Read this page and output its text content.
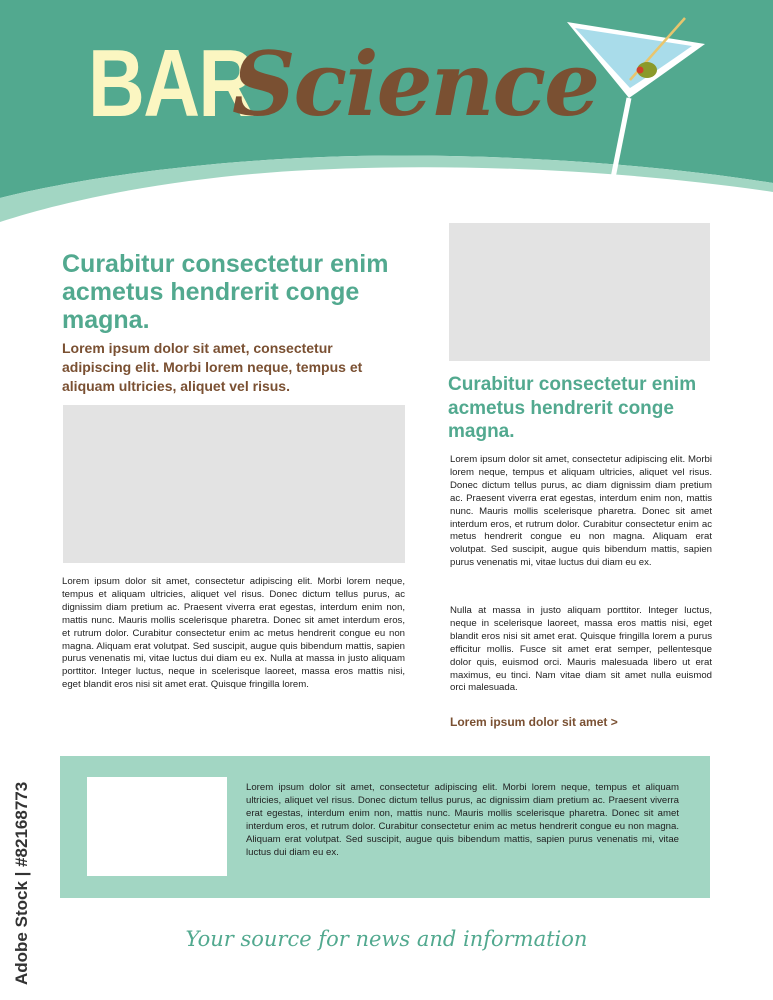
BAR
Science
Curabitur consectetur enim acmetus hendrerit conge magna.
Lorem ipsum dolor sit amet, consectetur adipiscing elit. Morbi lorem neque, tempus et aliquam ultricies, aliquet vel risus.

Lorem ipsum dolor sit amet, consectetur adipiscing elit. Morbi lorem neque, tempus et aliquam ultricies, aliquet vel risus. Donec dictum tellus purus, ac dignissim diam pretium ac. Praesent viverra erat egestas, interdum enim non, mattis nunc. Mauris mollis scelerisque pharetra. Donec sit amet interdum eros, et rutrum dolor. Curabitur consectetur enim ac metus hendrerit congue eu non magna. Aliquam erat volutpat. Sed suscipit, augue quis bibendum mattis, sapien purus venenatis mi, vitae luctus dui diam eu ex. Nulla at massa in justo aliquam porttitor. Integer luctus, neque in scelerisque laoreet, massa eros mattis nisi, eget blandit eros nisi sit amet erat. Quisque fringilla lorem.

Curabitur consectetur enim acmetus hendrerit conge magna.

Lorem ipsum dolor sit amet, consectetur adipiscing elit. Morbi lorem neque, tempus et aliquam ultricies, aliquet vel risus. Donec dictum tellus purus, ac diam dignissim diam pretium ac. Praesent viverra erat egestas, interdum enim non, mattis nunc. Mauris mollis scelerisque pharetra. Donec sit amet interdum eros, et rutrum dolor. Curabitur consectetur enim ac metus hendrerit congue eu non magna. Aliquam erat volutpat. Sed suscipit, augue quis bibendum mattis, sapien purus venenatis mi, vitae luctus dui diam eu ex.

Nulla at massa in justo aliquam porttitor. Integer luctus, neque in scelerisque laoreet, massa eros mattis nisi, eget blandit eros nisi sit amet erat. Quisque fringilla lorem a purus efficitur mollis. Fusce sit amet erat semper, pellentesque dolor quis, euismod orci. Mauris malesuada libero ut erat maximus, eu tinci. Nam vitae diam sit amet nulla euismod orci malesuada.

Lorem ipsum dolor sit amet >

Lorem ipsum dolor sit amet, consectetur adipiscing elit. Morbi lorem neque, tempus et aliquam ultricies, aliquet vel risus. Donec dictum tellus purus, ac dignissim diam pretium ac. Praesent viverra erat egestas, interdum enim non, mattis nunc. Mauris mollis scelerisque pharetra. Donec sit amet interdum eros, et rutrum dolor. Curabitur consectetur enim ac metus hendrerit congue eu non magna. Aliquam erat volutpat. Sed suscipit, augue quis bibendum mattis, sapien purus venenatis mi, vitae luctus dui diam eu ex.

Your source for news and information
Adobe Stock | #82168773
